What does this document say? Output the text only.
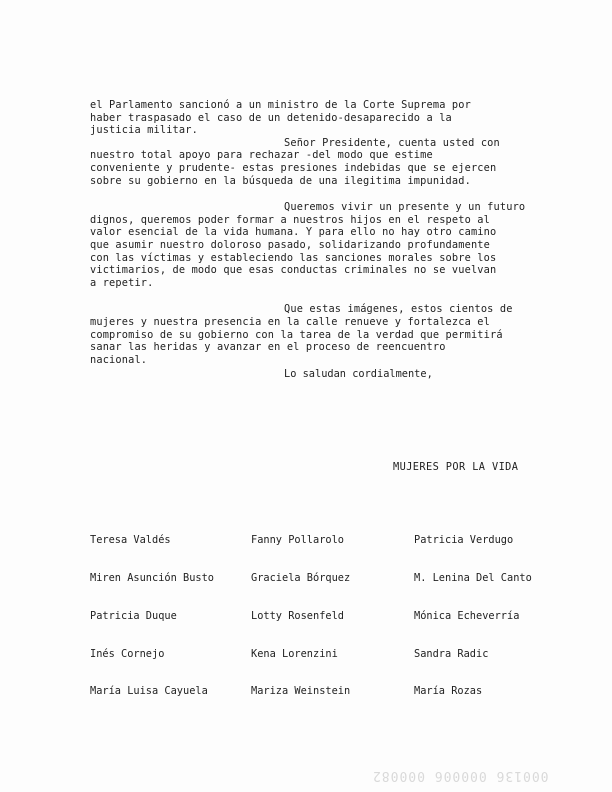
el Parlamento sancionó a un ministro de la Corte Suprema por

haber traspasado el caso de un detenido-desaparecido a la

justicia militar.

Señor Presidente, cuenta usted con

nuestro total apoyo para rechazar -del modo que estime

conveniente y prudente- estas presiones indebidas que se ejercen

sobre su gobierno en la búsqueda de una ilegitima impunidad.

Queremos vivir un presente y un futuro

dignos, queremos poder formar a nuestros hijos en el respeto al

valor esencial de la vida humana. Y para ello no hay otro camino

que asumir nuestro doloroso pasado, solidarizando profundamente

con las víctimas y estableciendo las sanciones morales sobre los

victimarios, de modo que esas conductas criminales no se vuelvan

a repetir.

Que estas imágenes, estos cientos de

mujeres y nuestra presencia en la calle renueve y fortalezca el

compromiso de su gobierno con la tarea de la verdad que permitirá

sanar las heridas y avanzar en el proceso de reencuentro

nacional.

Lo saludan cordialmente,
MUJERES POR LA VIDA

Teresa Valdés

Miren Asunción Busto

Patricia Duque

Inés Cornejo

María Luisa Cayuela

Fanny Pollarolo

Graciela Bórquez

Lotty Rosenfeld

Kena Lorenzini

Mariza Weinstein

Patricia Verdugo

M. Lenina Del Canto

Mónica Echeverría

Sandra Radic

María Rozas

000136 000006 000082
